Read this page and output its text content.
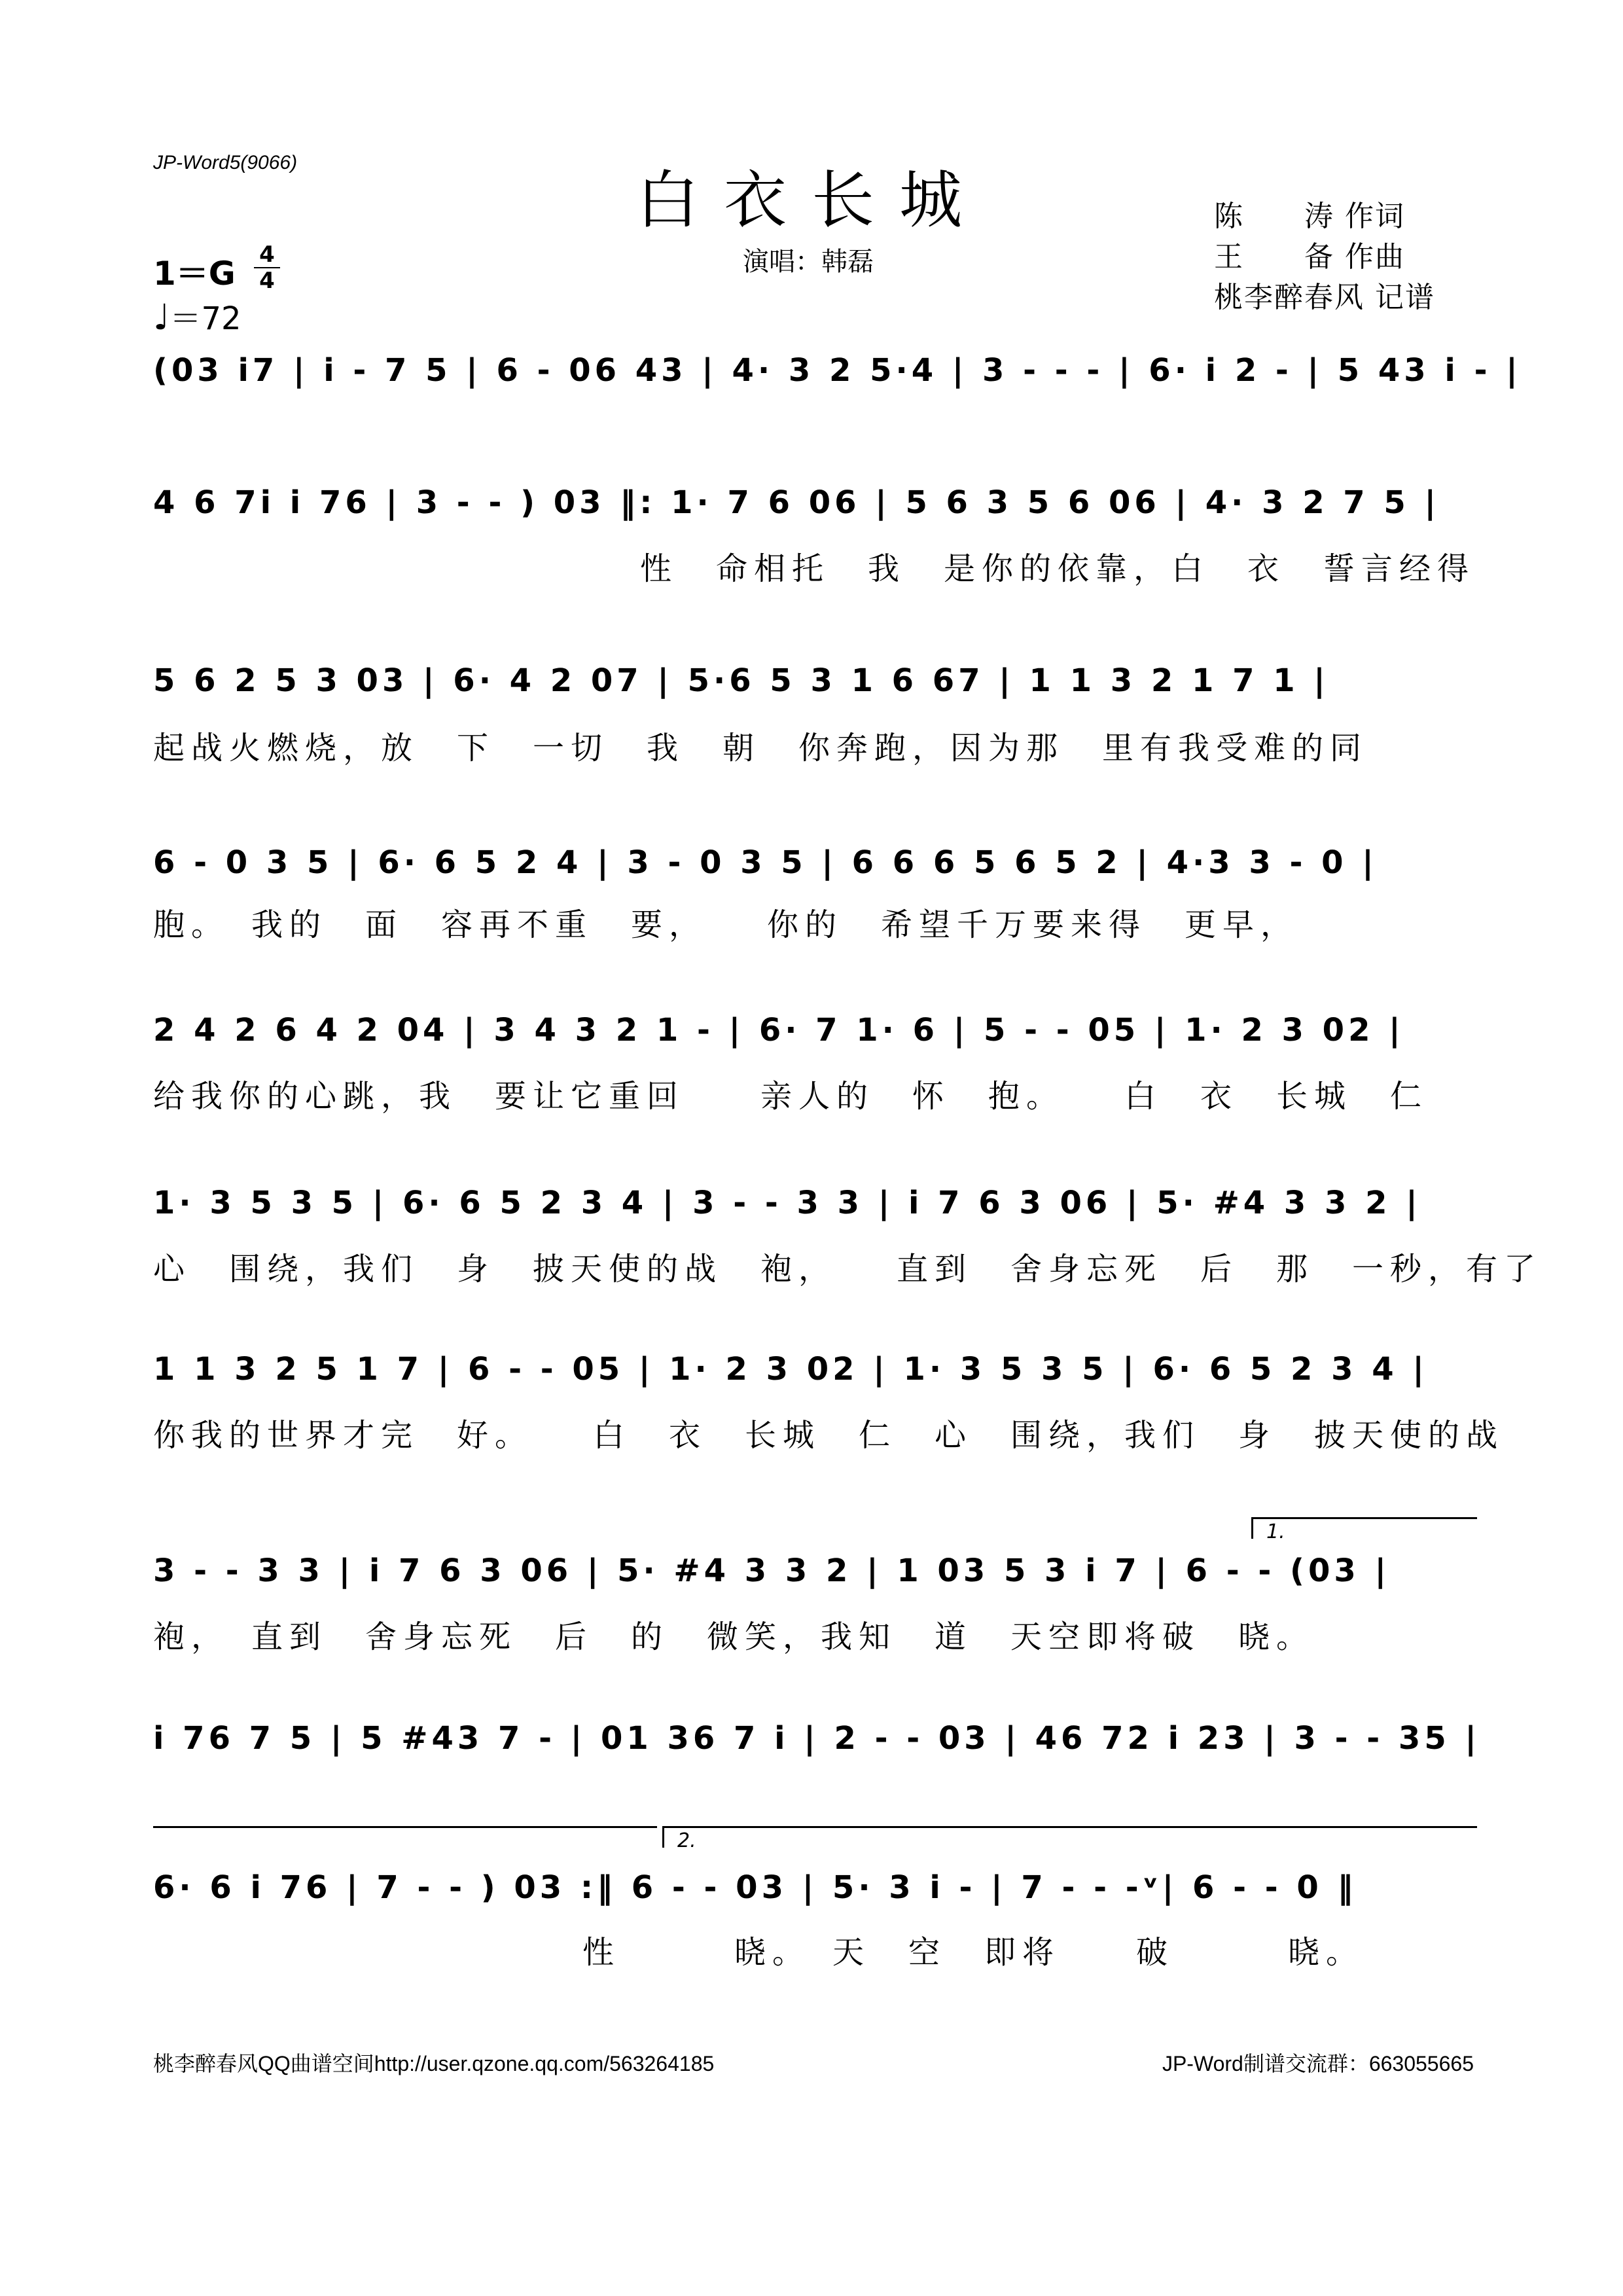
JP-Word5(9066)
白衣长城
演唱：韩磊
陈　　涛 作词
王　　备 作曲
桃李醉春风 记谱
1＝G 4
4
♩＝72
(03 i7 | i - 7 5 | 6 - 06 43 | 4· 3 2 5·4 | 3 - - - | 6· i 2 - | 5 43 i - |
4 6 7i i 76 | 3 - - ) 03 ‖: 1· 7 6 06 | 5 6 3 5 6 06 | 4· 3 2 7 5 |
性　命相托　我　是你的依靠，白　衣　誓言经得
5 6 2 5 3 03 | 6· 4 2 07 | 5·6 5 3 1 6 67 | 1 1 3 2 1 7 1 |
起战火燃烧，放　下　一切　我　朝　你奔跑，因为那　里有我受难的同
6 - 0 3 5 | 6· 6 5 2 4 | 3 - 0 3 5 | 6 6 6 5 6 5 2 | 4·3 3 - 0 |
胞。　我的　面　容再不重　要，　　你的　希望千万要来得　更早，
2 4 2 6 4 2 04 | 3 4 3 2 1 - | 6· 7 1· 6 | 5 - - 05 | 1· 2 3 02 |
给我你的心跳，我　要让它重回　　亲人的　怀　抱。　　白　衣　长城　仁
1· 3 5 3 5 | 6· 6 5 2 3 4 | 3 - - 3 3 | i 7 6 3 06 | 5· #4 3 3 2 |
心　围绕，我们　身　披天使的战　袍，　　直到　舍身忘死　后　那　一秒，有了
1 1 3 2 5 1 7 | 6 - - 05 | 1· 2 3 02 | 1· 3 5 3 5 | 6· 6 5 2 3 4 |
你我的世界才完　好。　　白　衣　长城　仁　心　围绕，我们　身　披天使的战
1.
3 - - 3 3 | i 7 6 3 06 | 5· #4 3 3 2 | 1 03 5 3 i 7 | 6 - - (03 |
袍，　直到　舍身忘死　后　的　微笑，我知　道　天空即将破　晓。
i 76 7 5 | 5 #43 7 - | 01 36 7 i | 2 - - 03 | 46 72 i 23 | 3 - - 35 |
2.
6· 6 i 76 | 7 - - ) 03 :‖ 6 - - 03 | 5· 3 i - | 7 - - -ᵛ| 6 - - 0 ‖
性　　　晓。　天　空　即将　　破　　　晓。
桃李醉春风QQ曲谱空间http://user.qzone.qq.com/563264185	JP-Word制谱交流群：663055665
